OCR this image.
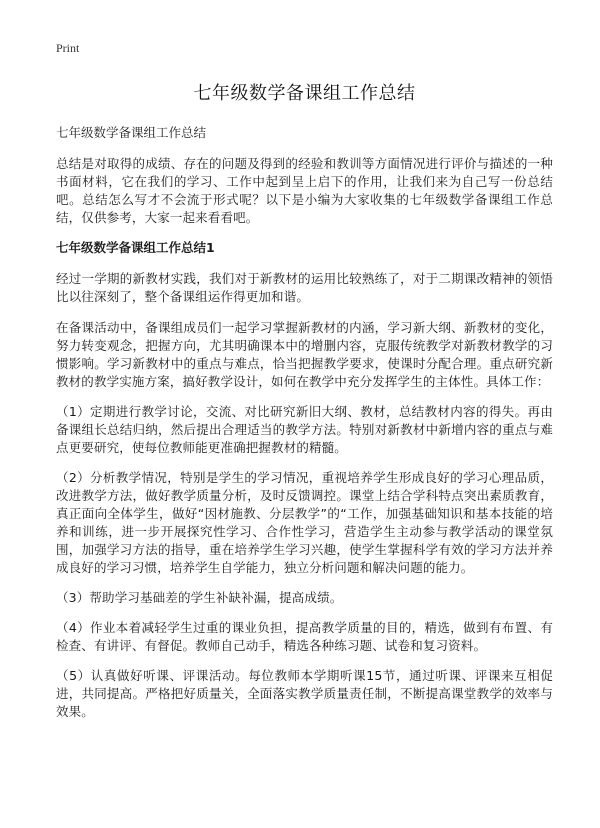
Print
七年级数学备课组工作总结
七年级数学备课组工作总结

总结是对取得的成绩、存在的问题及得到的经验和教训等方面情况进行评价与描述的一种书面材料，它在我们的学习、工作中起到呈上启下的作用，让我们来为自己写一份总结吧。总结怎么写才不会流于形式呢？以下是小编为大家收集的七年级数学备课组工作总结，仅供参考，大家一起来看看吧。

七年级数学备课组工作总结1

经过一学期的新教材实践，我们对于新教材的运用比较熟练了，对于二期课改精神的领悟比以往深刻了，整个备课组运作得更加和谐。

在备课活动中，备课组成员们一起学习掌握新教材的内涵，学习新大纲、新教材的变化，努力转变观念，把握方向，尤其明确课本中的增删内容，克服传统教学对新教材教学的习惯影响。学习新教材中的重点与难点，恰当把握教学要求，使课时分配合理。重点研究新教材的教学实施方案，搞好教学设计，如何在教学中充分发挥学生的主体性。具体工作：

（1）定期进行教学讨论，交流、对比研究新旧大纲、教材，总结教材内容的得失。再由备课组长总结归纳，然后提出合理适当的教学方法。特别对新教材中新增内容的重点与难点更要研究，使每位教师能更准确把握教材的精髓。

（2）分析教学情况，特别是学生的学习情况，重视培养学生形成良好的学习心理品质，改进教学方法，做好教学质量分析，及时反馈调控。课堂上结合学科特点突出素质教育，真正面向全体学生，做好“因材施教、分层教学”的“工作，加强基础知识和基本技能的培养和训练，进一步开展探究性学习、合作性学习，营造学生主动参与教学活动的课堂氛围，加强学习方法的指导，重在培养学生学习兴趣，使学生掌握科学有效的学习方法并养成良好的学习习惯，培养学生自学能力，独立分析问题和解决问题的能力。

（3）帮助学习基础差的学生补缺补漏，提高成绩。

（4）作业本着减轻学生过重的课业负担，提高教学质量的目的，精选，做到有布置、有检查、有讲评、有督促。教师自己动手，精选各种练习题、试卷和复习资料。

（5）认真做好听课、评课活动。每位教师本学期听课15节，通过听课、评课来互相促进，共同提高。严格把好质量关，全面落实教学质量责任制，不断提高课堂教学的效率与效果。
